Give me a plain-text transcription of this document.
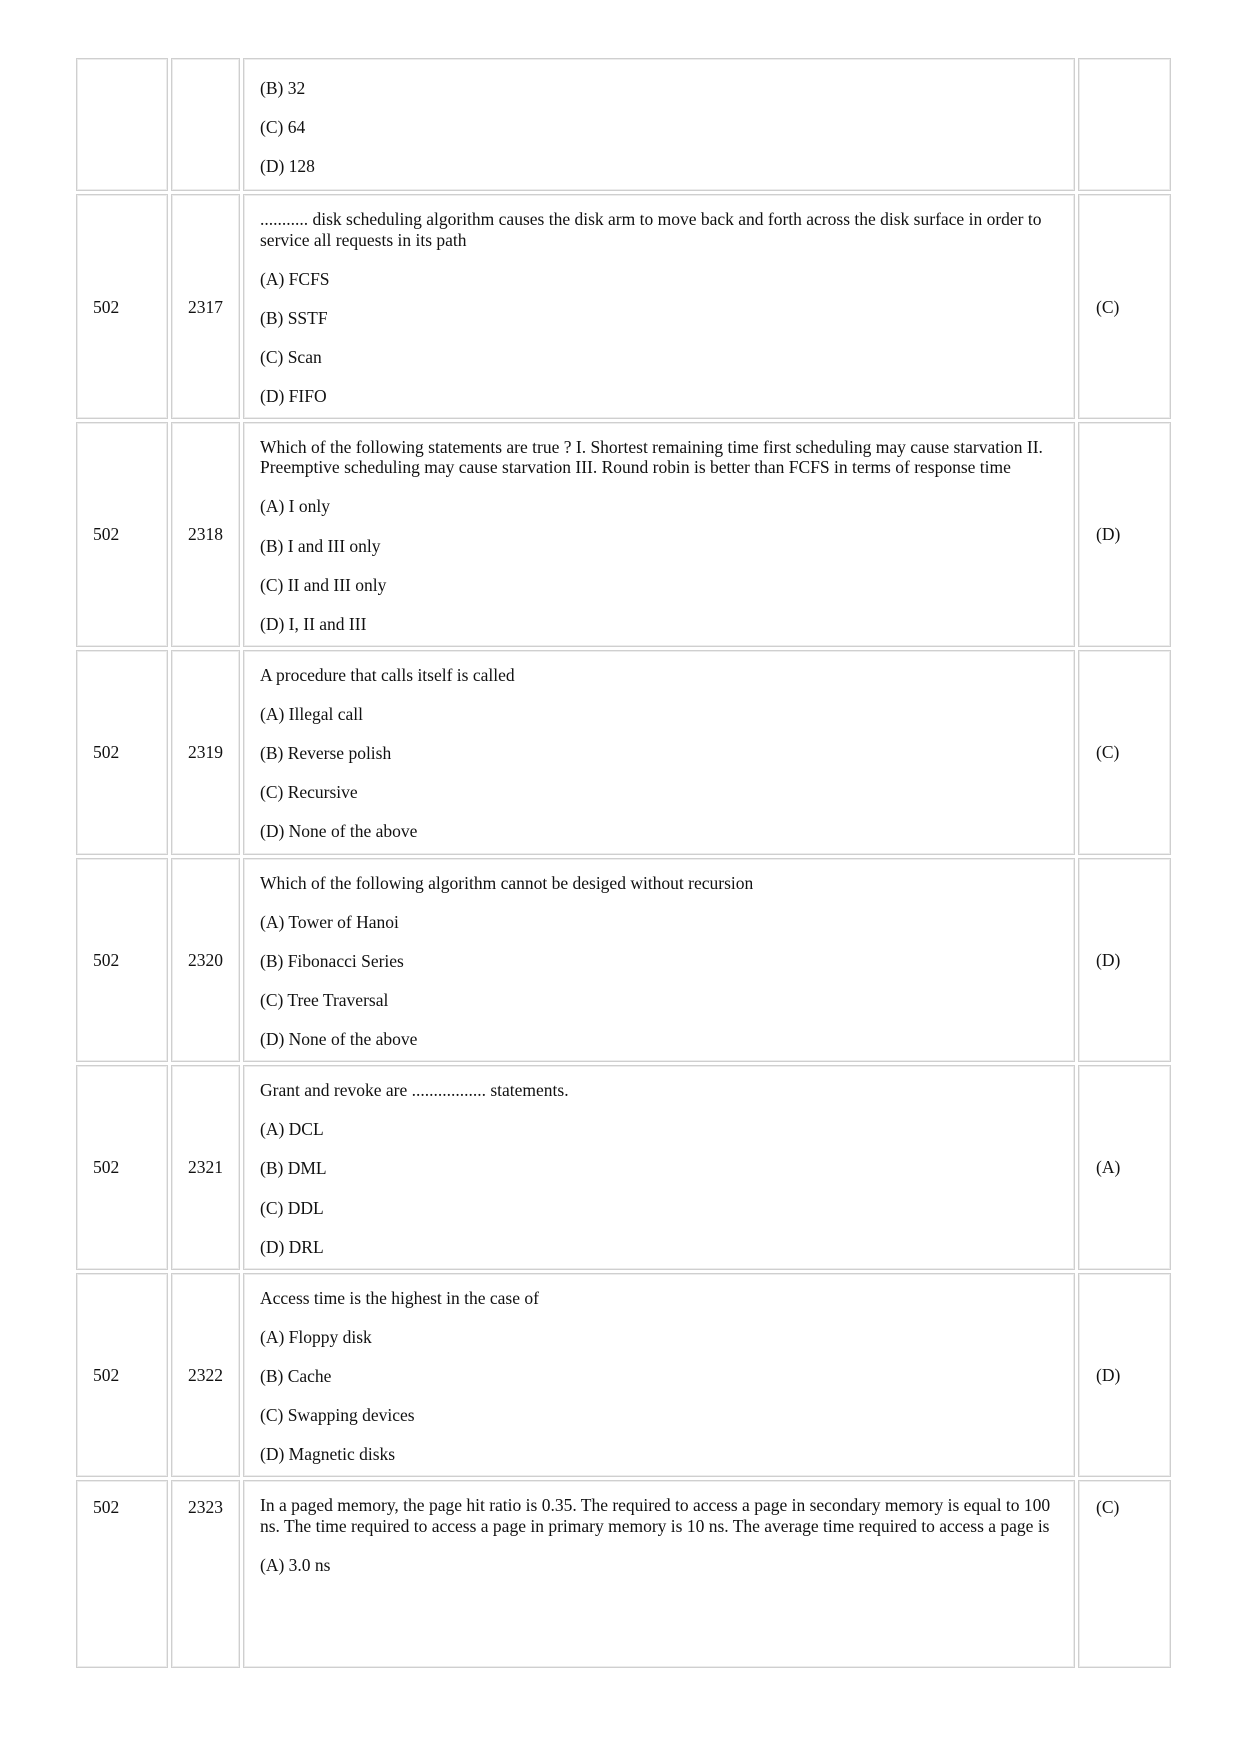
		(B) 32

(C) 64

(D) 128	

502	2317	........... disk scheduling algorithm causes the disk arm to move back and forth across the disk surface in order to service all requests in its path

(A) FCFS

(B) SSTF

(C) Scan

(D) FIFO	(C)
502	2318	Which of the following statements are true ? I. Shortest remaining time first scheduling may cause starvation II. Preemptive scheduling may cause starvation III. Round robin is better than FCFS in terms of response time

(A) I only

(B) I and III only

(C) II and III only

(D) I, II and III	(D)
502	2319	A procedure that calls itself is called

(A) Illegal call

(B) Reverse polish

(C) Recursive

(D) None of the above	(C)
502	2320	Which of the following algorithm cannot be desiged without recursion

(A) Tower of Hanoi

(B) Fibonacci Series

(C) Tree Traversal

(D) None of the above	(D)
502	2321	Grant and revoke are ................. statements.

(A) DCL

(B) DML

(C) DDL

(D) DRL	(A)
502	2322	Access time is the highest in the case of

(A) Floppy disk

(B) Cache

(C) Swapping devices

(D) Magnetic disks	(D)
502	2323	In a paged memory, the page hit ratio is 0.35. The required to access a page in secondary memory is equal to 100 ns. The time required to access a page in primary memory is 10 ns. The average time required to access a page is

(A) 3.0 ns	(C)
